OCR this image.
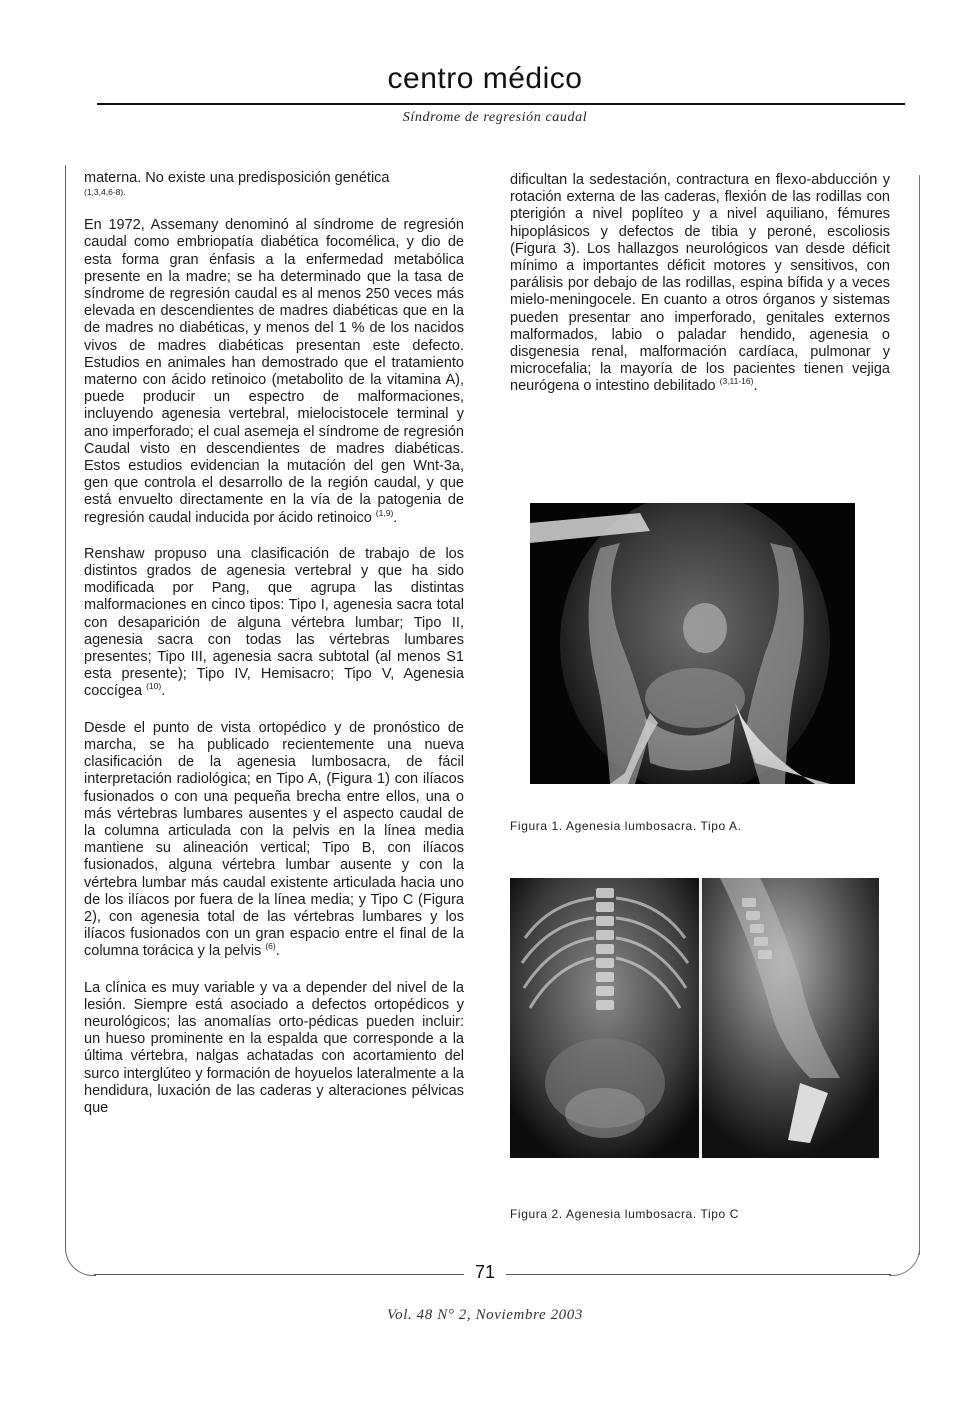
centro médico
Síndrome de regresión caudal

materna. No existe una predisposición genética

(1,3,4,6-8).

En 1972, Assemany denominó al síndrome de regresión caudal como embriopatía diabética focomélica, y dio de esta forma gran énfasis a la enfermedad metabólica presente en la madre; se ha determinado que la tasa de síndrome de regresión caudal es al menos 250 veces más elevada en descendientes de madres diabéticas que en la de madres no diabéticas, y menos del 1 % de los nacidos vivos de madres diabéticas presentan este defecto. Estudios en animales han demostrado que el tratamiento materno con ácido retinoico (metabolito de la vitamina A), puede producir un espectro de malformaciones, incluyendo agenesia vertebral, mielocistocele terminal y ano imperforado; el cual asemeja el síndrome de regresión Caudal visto en descendientes de madres diabéticas. Estos estudios evidencian la mutación del gen Wnt-3a, gen que controla el desarrollo de la región caudal, y que está envuelto directamente en la vía de la patogenia de regresión caudal inducida por ácido retinoico $^{(1,9)}$.

Renshaw propuso una clasificación de trabajo de los distintos grados de agenesia vertebral y que ha sido modificada por Pang, que agrupa las distintas malformaciones en cinco tipos: Tipo I, agenesia sacra total con desaparición de alguna vértebra lumbar; Tipo II, agenesia sacra con todas las vértebras lumbares presentes; Tipo III, agenesia sacra subtotal (al menos S1 esta presente); Tipo IV, Hemisacro; Tipo V, Agenesia coccígea $^{(10)}$.

Desde el punto de vista ortopédico y de pronóstico de marcha, se ha publicado recientemente una nueva clasificación de la agenesia lumbosacra, de fácil interpretación radiológica; en Tipo A, (Figura 1) con ilíacos fusionados o con una pequeña brecha entre ellos, una o más vértebras lumbares ausentes y el aspecto caudal de la columna articulada con la pelvis en la línea media mantiene su alineación vertical; Tipo B, con ilíacos fusionados, alguna vértebra lumbar ausente y con la vértebra lumbar más caudal existente articulada hacia uno de los ilíacos por fuera de la línea media; y Tipo C (Figura 2), con agenesia total de las vértebras lumbares y los ilíacos fusionados con un gran espacio entre el final de la columna torácica y la pelvis $^{(6)}$.

La clínica es muy variable y va a depender del nivel de la lesión. Siempre está asociado a defectos ortopédicos y neurológicos; las anomalías orto-pédicas pueden incluir: un hueso prominente en la espalda que corresponde a la última vértebra, nalgas achatadas con acortamiento del surco interglúteo y formación de hoyuelos lateralmente a la hendidura, luxación de las caderas y alteraciones pélvicas que

dificultan la sedestación, contractura en flexo-abducción y rotación externa de las caderas, flexión de las rodillas con pterigión a nivel poplíteo y a nivel aquiliano, fémures hipoplásicos y defectos de tibia y peroné, escoliosis (Figura 3). Los hallazgos neurológicos van desde déficit mínimo a importantes déficit motores y sensitivos, con parálisis por debajo de las rodillas, espina bífida y a veces mielo-meningocele. En cuanto a otros órganos y sistemas pueden presentar ano imperforado, genitales externos malformados, labio o paladar hendido, agenesia o disgenesia renal, malformación cardíaca, pulmonar y microcefalia; la mayoría de los pacientes tienen vejiga neurógena o intestino debilitado $^{(3,11-16)}$.

Figura 1. Agenesia lumbosacra. Tipo A.
Figura 2. Agenesia lumbosacra. Tipo C
71
Vol. 48 N° 2, Noviembre 2003
